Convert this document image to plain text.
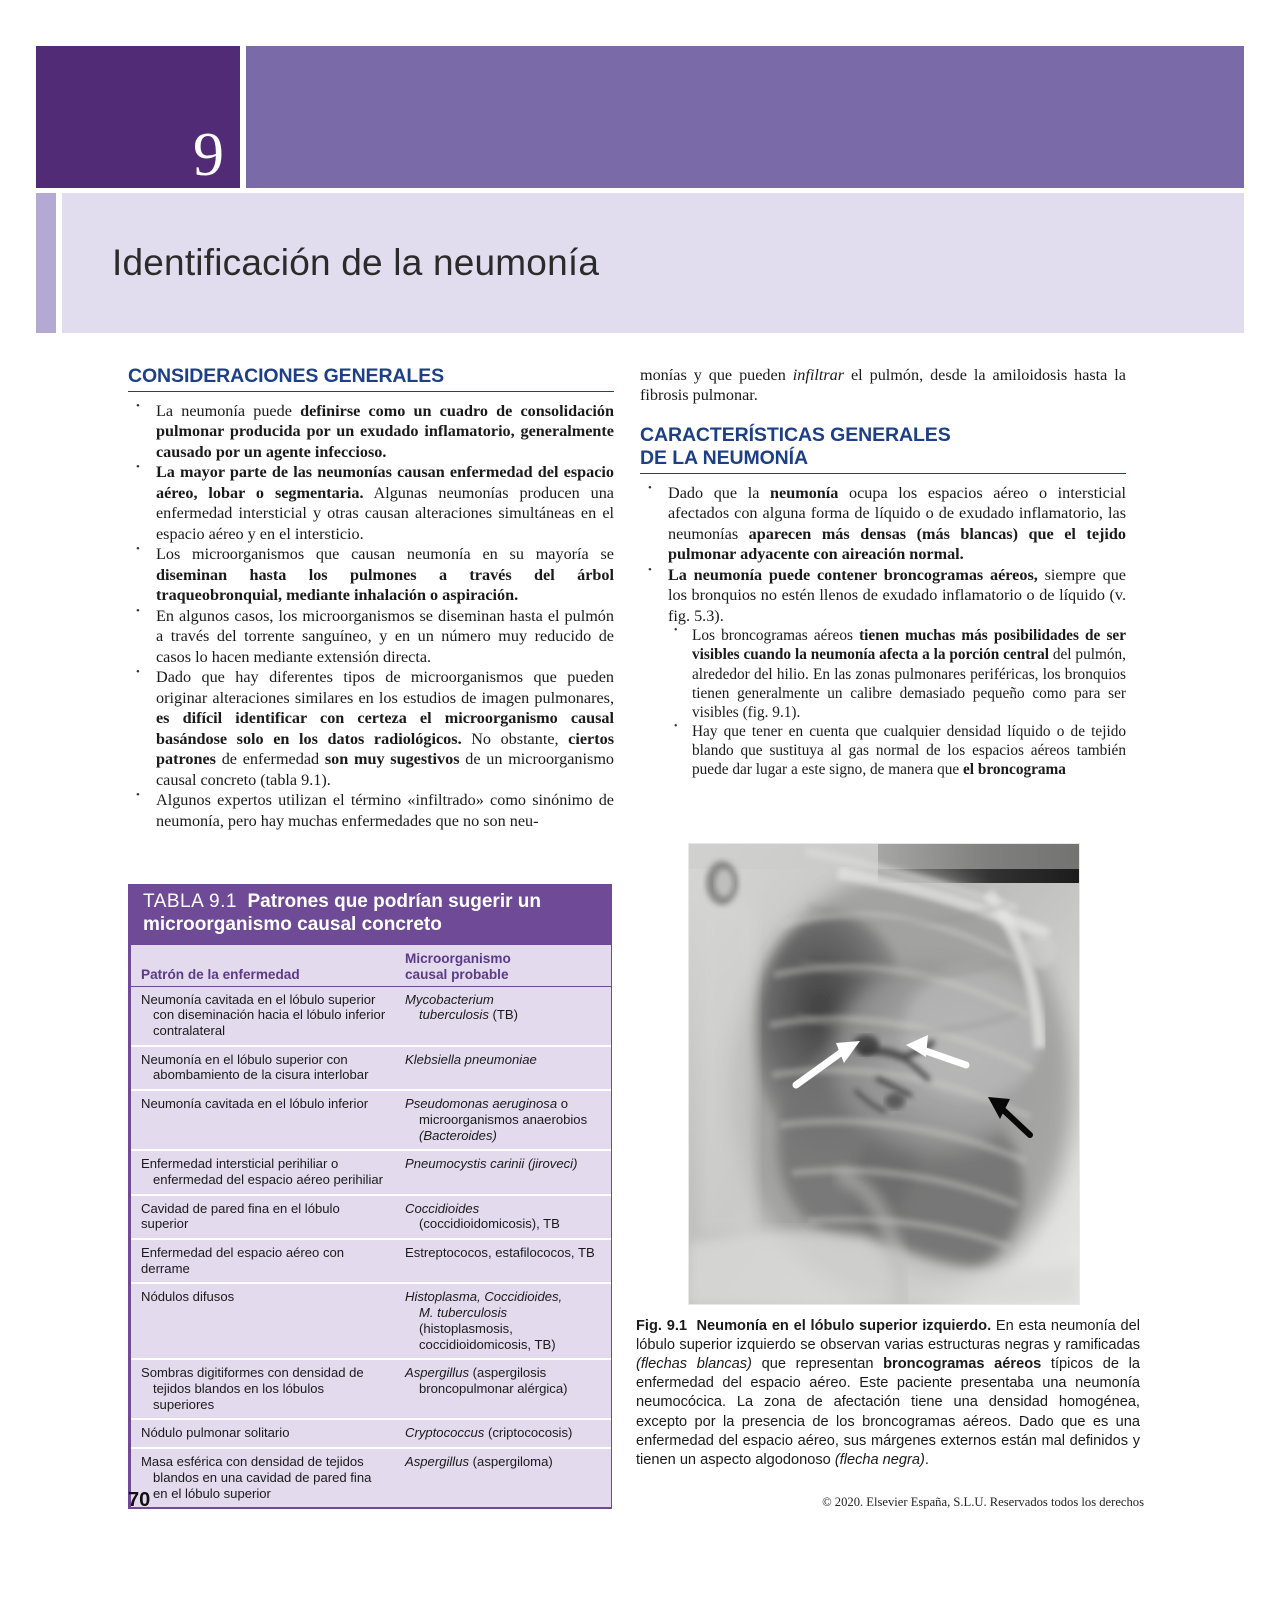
9
Identificación de la neumonía
CONSIDERACIONES GENERALES
• La neumonía puede definirse como un cuadro de consolidación pulmonar producida por un exudado inflamatorio, generalmente causado por un agente infeccioso.
• La mayor parte de las neumonías causan enfermedad del espacio aéreo, lobar o segmentaria. Algunas neumonías producen una enfermedad intersticial y otras causan alteraciones simultáneas en el espacio aéreo y en el intersticio.
• Los microorganismos que causan neumonía en su mayoría se diseminan hasta los pulmones a través del árbol traqueobronquial, mediante inhalación o aspiración.
• En algunos casos, los microorganismos se diseminan hasta el pulmón a través del torrente sanguíneo, y en un número muy reducido de casos lo hacen mediante extensión directa.
• Dado que hay diferentes tipos de microorganismos que pueden originar alteraciones similares en los estudios de imagen pulmonares, es difícil identificar con certeza el microorganismo causal basándose solo en los datos radiológicos. No obstante, ciertos patrones de enfermedad son muy sugestivos de un microorganismo causal concreto (tabla 9.1).
• Algunos expertos utilizan el término «infiltrado» como sinónimo de neumonía, pero hay muchas enfermedades que no son neu-
TABLA 9.1 Patrones que podrían sugerir un microorganismo causal concreto
Patrón de la enfermedad	Microorganismo
causal probable
Neumonía cavitada en el lóbulo superior
con diseminación hacia el lóbulo inferior
contralateral	Mycobacterium
tuberculosis (TB)

Neumonía en el lóbulo superior con
abombamiento de la cisura interlobar	Klebsiella pneumoniae
Neumonía cavitada en el lóbulo inferior	Pseudomonas aeruginosa o
microorganismos anaerobios
(Bacteroides)

Enfermedad intersticial perihiliar o
enfermedad del espacio aéreo perihiliar	Pneumocystis carinii (jiroveci)
Cavidad de pared fina en el lóbulo superior	Coccidioides
(coccidioidomicosis), TB

Enfermedad del espacio aéreo con derrame	Estreptococos, estafilococos, TB
Nódulos difusos	Histoplasma, Coccidioides,
M. tuberculosis (histoplasmosis,
coccidioidomicosis, TB)

Sombras digitiformes con densidad de
tejidos blandos en los lóbulos superiores	Aspergillus (aspergilosis
broncopulmonar alérgica)

Nódulo pulmonar solitario	Cryptococcus (criptococosis)
Masa esférica con densidad de tejidos
blandos en una cavidad de pared fina
en el lóbulo superior	Aspergillus (aspergiloma)

monías y que pueden infiltrar el pulmón, desde la amiloidosis hasta la fibrosis pulmonar.

CARACTERÍSTICAS GENERALES
DE LA NEUMONÍA
• Dado que la neumonía ocupa los espacios aéreo o intersticial afectados con alguna forma de líquido o de exudado inflamatorio, las neumonías aparecen más densas (más blancas) que el tejido pulmonar adyacente con aireación normal.
• La neumonía puede contener broncogramas aéreos, siempre que los bronquios no estén llenos de exudado inflamatorio o de líquido (v. fig. 5.3).
• Los broncogramas aéreos tienen muchas más posibilidades de ser visibles cuando la neumonía afecta a la porción central del pulmón, alrededor del hilio. En las zonas pulmonares periféricas, los bronquios tienen generalmente un calibre demasiado pequeño como para ser visibles (fig. 9.1).
• Hay que tener en cuenta que cualquier densidad líquido o de tejido blando que sustituya al gas normal de los espacios aéreos también puede dar lugar a este signo, de manera que el broncograma

Fig. 9.1  Neumonía en el lóbulo superior izquierdo. En esta neumonía del lóbulo superior izquierdo se observan varias estructuras negras y ramificadas (flechas blancas) que representan broncogramas aéreos típicos de la enfermedad del espacio aéreo. Este paciente presentaba una neumonía neumocócica. La zona de afectación tiene una densidad homogénea, excepto por la presencia de los broncogramas aéreos. Dado que es una enfermedad del espacio aéreo, sus márgenes externos están mal definidos y tienen un aspecto algodonoso (flecha negra).

70	© 2020. Elsevier España, S.L.U. Reservados todos los derechos
